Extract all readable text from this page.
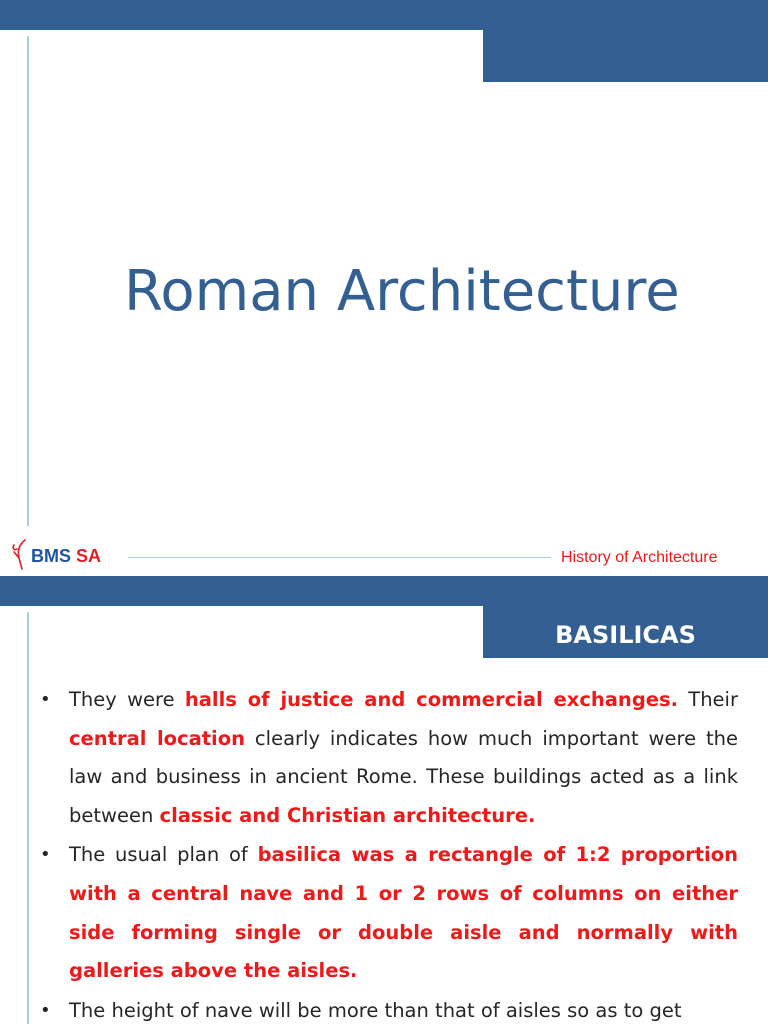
Roman Architecture
BMS SA	History of Architecture
BASILICAS
• They were halls of justice and commercial exchanges. Their central location clearly indicates how much important were the law and business in ancient Rome. These buildings acted as a link between classic and Christian architecture.
• The usual plan of basilica was a rectangle of 1:2 proportion with a central nave and 1 or 2 rows of columns on either side forming single or double aisle and normally with galleries above the aisles.
• The height of nave will be more than that of aisles so as to get
